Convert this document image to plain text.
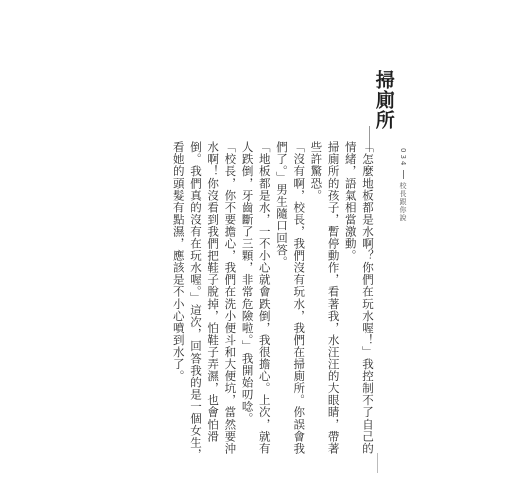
034
校長跟你說
掃廁所

「怎麼地板都是水啊？你們在玩水喔！」我控制不了自己的情緒，語氣相當激動。

掃廁所的孩子，暫停動作，看著我，水汪汪的大眼睛，帶著些許驚恐。

「沒有啊，校長，我們沒有玩水，我們在掃廁所。你誤會我們了。」男生隨口回答。

「地板都是水，一不小心就會跌倒，我很擔心。上次，就有人跌倒，牙齒斷了三顆，非常危險啦。」我開始叨唸。

「校長，你不要擔心，我們在洗小便斗和大便坑，當然要沖水啊！你沒看到我們把鞋子脫掉，怕鞋子弄濕，也會怕滑倒。我們真的沒有在玩水喔。」這次，回答我的是一個女生，看她的頭髮有點濕，應該是不小心噴到水了。
